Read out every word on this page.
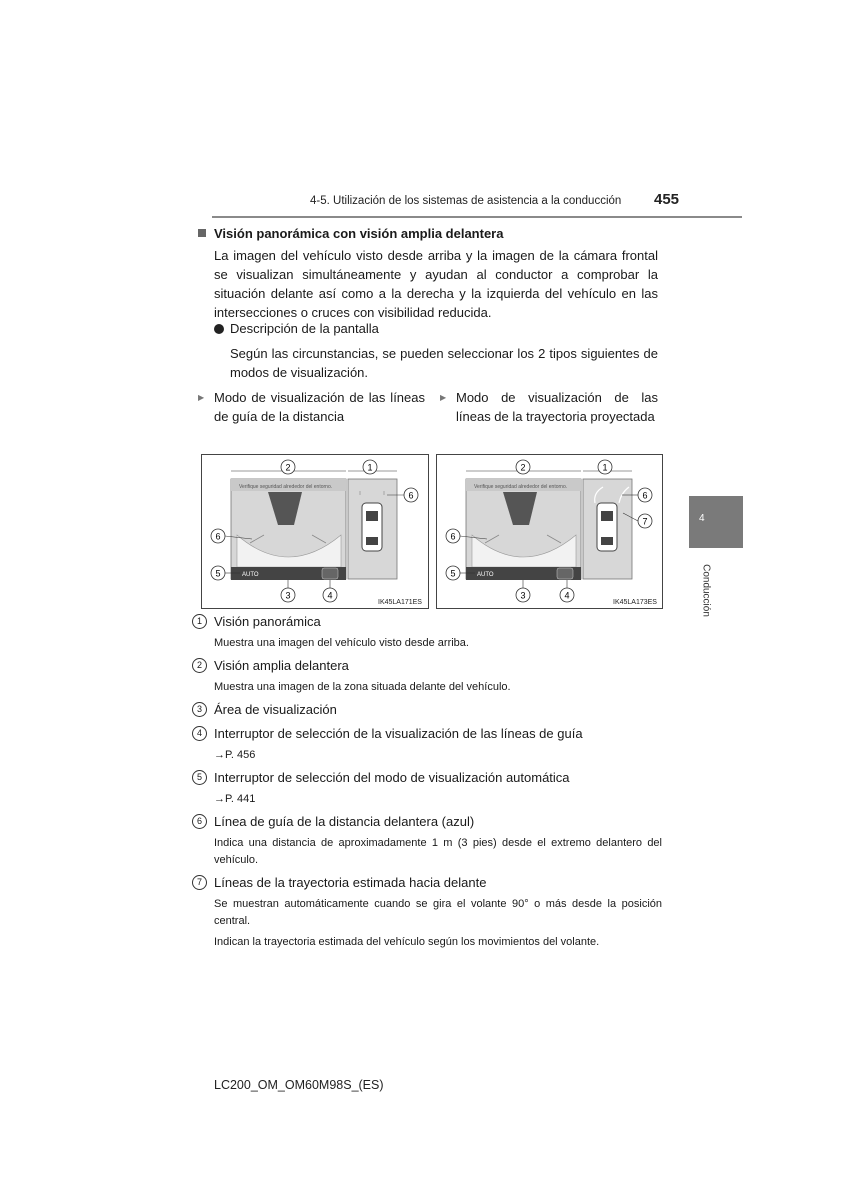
4-5. Utilización de los sistemas de asistencia a la conducción 455
4
Conducción
Visión panorámica con visión amplia delantera
La imagen del vehículo visto desde arriba y la imagen de la cámara frontal se visualizan simultáneamente y ayudan al conductor a comprobar la situación delante así como a la derecha y la izquierda del vehículo en las intersecciones o cruces con visibilidad reducida.
Descripción de la pantalla
Según las circunstancias, se pueden seleccionar los 2 tipos siguientes de modos de visualización.
▶ Modo de visualización de las líneas de guía de la distancia
▶ Modo de visualización de las líneas de la trayectoria proyectada
Verifique seguridad alrededor del entorno.
AUTO
2	1
6
6
5
3	4
IK45LA171ES
Verifique seguridad alrededor del entorno.
AUTO
2	1
6
7
6
5
3	4
IK45LA173ES
1 Visión panorámica
Muestra una imagen del vehículo visto desde arriba.
2 Visión amplia delantera
Muestra una imagen de la zona situada delante del vehículo.
3 Área de visualización
4 Interruptor de selección de la visualización de las líneas de guía
→P. 456
5 Interruptor de selección del modo de visualización automática
→P. 441
6 Línea de guía de la distancia delantera (azul)
Indica una distancia de aproximadamente 1 m (3 pies) desde el extremo delantero del vehículo.
7 Líneas de la trayectoria estimada hacia delante
Se muestran automáticamente cuando se gira el volante 90° o más desde la posición central.
Indican la trayectoria estimada del vehículo según los movimientos del volante.
LC200_OM_OM60M98S_(ES)
